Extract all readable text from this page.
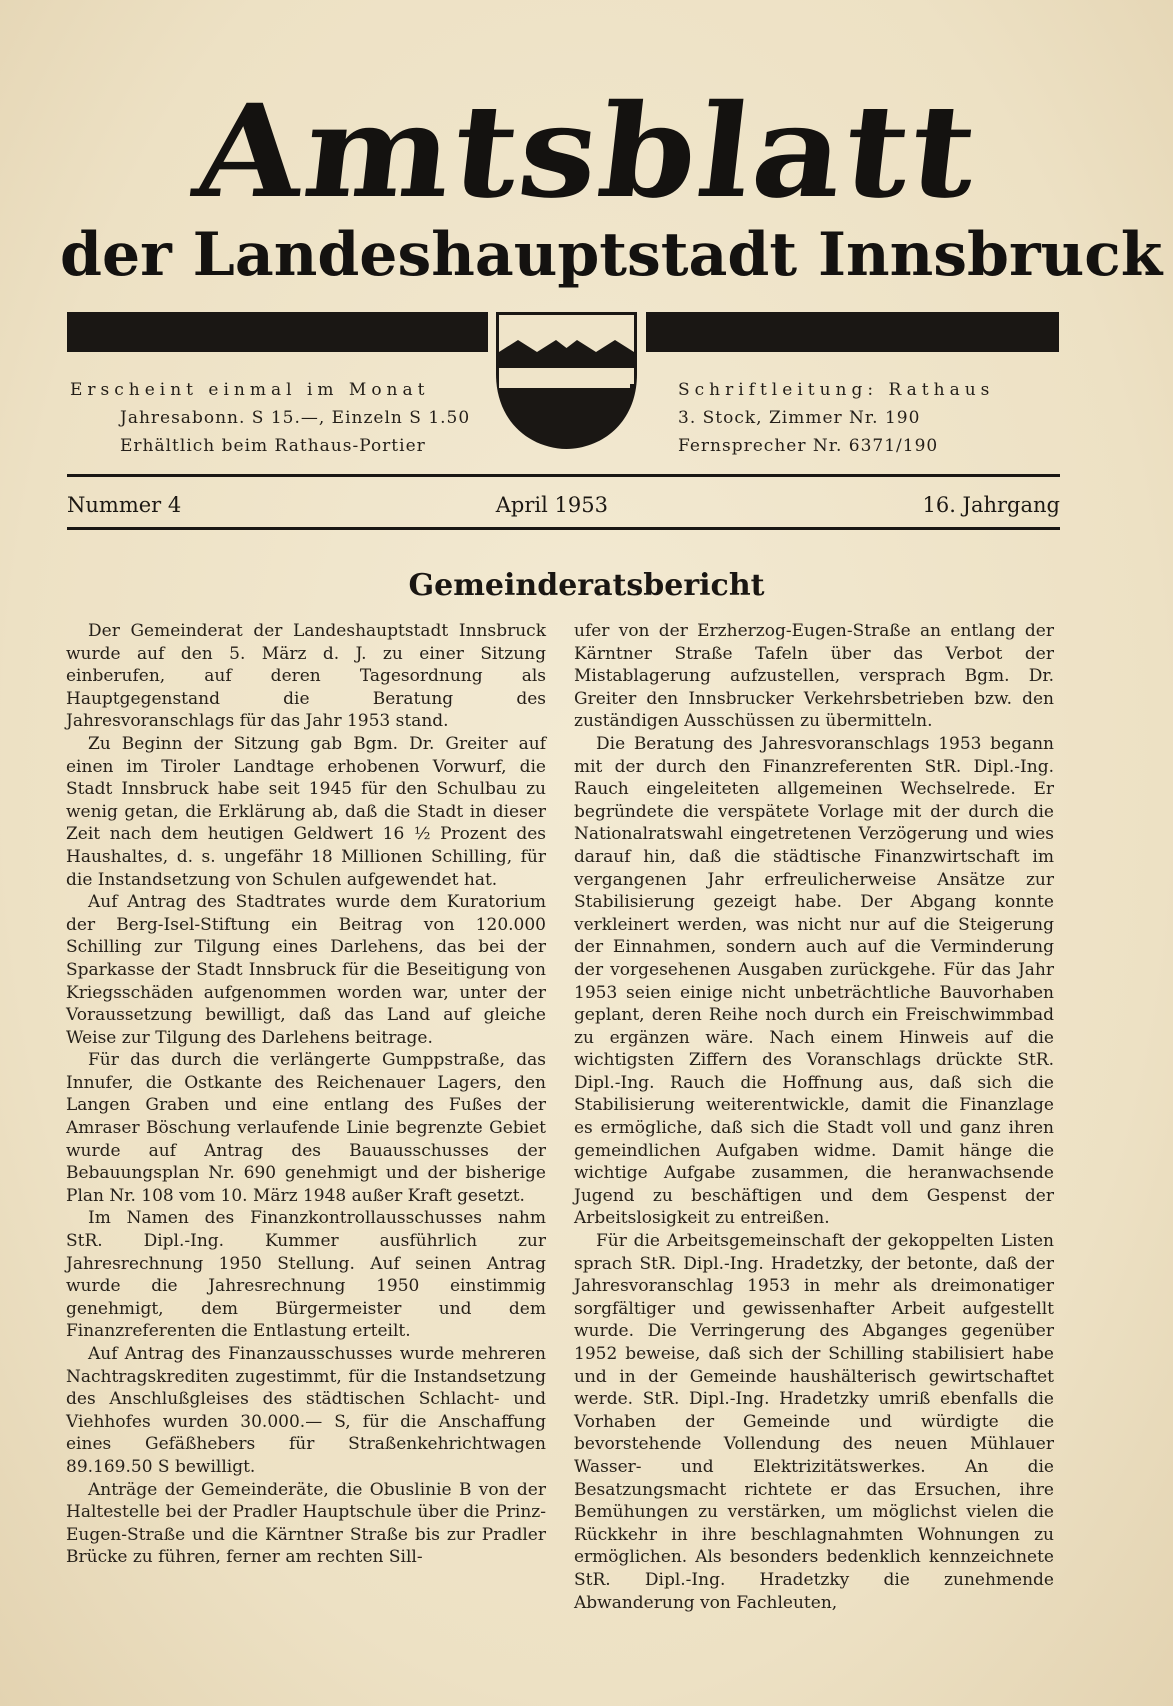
Amtsblatt
der Landeshauptstadt Innsbruck
Erscheint einmal im Monat
Jahresabonn. S 15.—, Einzeln S 1.50
Erhältlich beim Rathaus-Portier
Schriftleitung: Rathaus
3. Stock, Zimmer Nr. 190
Fernsprecher Nr. 6371/190
Nummer 4	April 1953	16. Jahrgang
Gemeinderatsbericht

Der Gemeinderat der Landeshauptstadt Innsbruck wurde auf den 5. März d. J. zu einer Sitzung einberufen, auf deren Tagesordnung als Hauptgegenstand die Beratung des Jahresvoranschlags für das Jahr 1953 stand.

Zu Beginn der Sitzung gab Bgm. Dr. Greiter auf einen im Tiroler Landtage erhobenen Vorwurf, die Stadt Innsbruck habe seit 1945 für den Schulbau zu wenig getan, die Erklärung ab, daß die Stadt in dieser Zeit nach dem heutigen Geldwert 16 ½ Prozent des Haushaltes, d. s. ungefähr 18 Millionen Schilling, für die Instandsetzung von Schulen aufgewendet hat.

Auf Antrag des Stadtrates wurde dem Kuratorium der Berg-Isel-Stiftung ein Beitrag von 120.000 Schilling zur Tilgung eines Darlehens, das bei der Sparkasse der Stadt Innsbruck für die Beseitigung von Kriegsschäden aufgenommen worden war, unter der Voraussetzung bewilligt, daß das Land auf gleiche Weise zur Tilgung des Darlehens beitrage.

Für das durch die verlängerte Gumppstraße, das Innufer, die Ostkante des Reichenauer Lagers, den Langen Graben und eine entlang des Fußes der Amraser Böschung verlaufende Linie begrenzte Gebiet wurde auf Antrag des Bauausschusses der Bebauungsplan Nr. 690 genehmigt und der bisherige Plan Nr. 108 vom 10. März 1948 außer Kraft gesetzt.

Im Namen des Finanzkontrollausschusses nahm StR. Dipl.-Ing. Kummer ausführlich zur Jahresrechnung 1950 Stellung. Auf seinen Antrag wurde die Jahresrechnung 1950 einstimmig genehmigt, dem Bürgermeister und dem Finanzreferenten die Entlastung erteilt.

Auf Antrag des Finanzausschusses wurde mehreren Nachtragskrediten zugestimmt, für die Instandsetzung des Anschlußgleises des städtischen Schlacht- und Viehhofes wurden 30.000.— S, für die Anschaffung eines Gefäßhebers für Straßenkehrichtwagen 89.169.50 S bewilligt.

Anträge der Gemeinderäte, die Obuslinie B von der Haltestelle bei der Pradler Hauptschule über die Prinz-Eugen-Straße und die Kärntner Straße bis zur Pradler Brücke zu führen, ferner am rechten Sill-

ufer von der Erzherzog-Eugen-Straße an entlang der Kärntner Straße Tafeln über das Verbot der Mistablagerung aufzustellen, versprach Bgm. Dr. Greiter den Innsbrucker Verkehrsbetrieben bzw. den zuständigen Ausschüssen zu übermitteln.

Die Beratung des Jahresvoranschlags 1953 begann mit der durch den Finanzreferenten StR. Dipl.-Ing. Rauch eingeleiteten allgemeinen Wechselrede. Er begründete die verspätete Vorlage mit der durch die Nationalratswahl eingetretenen Verzögerung und wies darauf hin, daß die städtische Finanzwirtschaft im vergangenen Jahr erfreulicherweise Ansätze zur Stabilisierung gezeigt habe. Der Abgang konnte verkleinert werden, was nicht nur auf die Steigerung der Einnahmen, sondern auch auf die Verminderung der vorgesehenen Ausgaben zurückgehe. Für das Jahr 1953 seien einige nicht unbeträchtliche Bauvorhaben geplant, deren Reihe noch durch ein Freischwimmbad zu ergänzen wäre. Nach einem Hinweis auf die wichtigsten Ziffern des Voranschlags drückte StR. Dipl.-Ing. Rauch die Hoffnung aus, daß sich die Stabilisierung weiterentwickle, damit die Finanzlage es ermögliche, daß sich die Stadt voll und ganz ihren gemeindlichen Aufgaben widme. Damit hänge die wichtige Aufgabe zusammen, die heranwachsende Jugend zu beschäftigen und dem Gespenst der Arbeitslosigkeit zu entreißen.

Für die Arbeitsgemeinschaft der gekoppelten Listen sprach StR. Dipl.-Ing. Hradetzky, der betonte, daß der Jahresvoranschlag 1953 in mehr als dreimonatiger sorgfältiger und gewissenhafter Arbeit aufgestellt wurde. Die Verringerung des Abganges gegenüber 1952 beweise, daß sich der Schilling stabilisiert habe und in der Gemeinde haushälterisch gewirtschaftet werde. StR. Dipl.-Ing. Hradetzky umriß ebenfalls die Vorhaben der Gemeinde und würdigte die bevorstehende Vollendung des neuen Mühlauer Wasser- und Elektrizitätswerkes. An die Besatzungsmacht richtete er das Ersuchen, ihre Bemühungen zu verstärken, um möglichst vielen die Rückkehr in ihre beschlagnahmten Wohnungen zu ermöglichen. Als besonders bedenklich kennzeichnete StR. Dipl.-Ing. Hradetzky die zunehmende Abwanderung von Fachleuten,
